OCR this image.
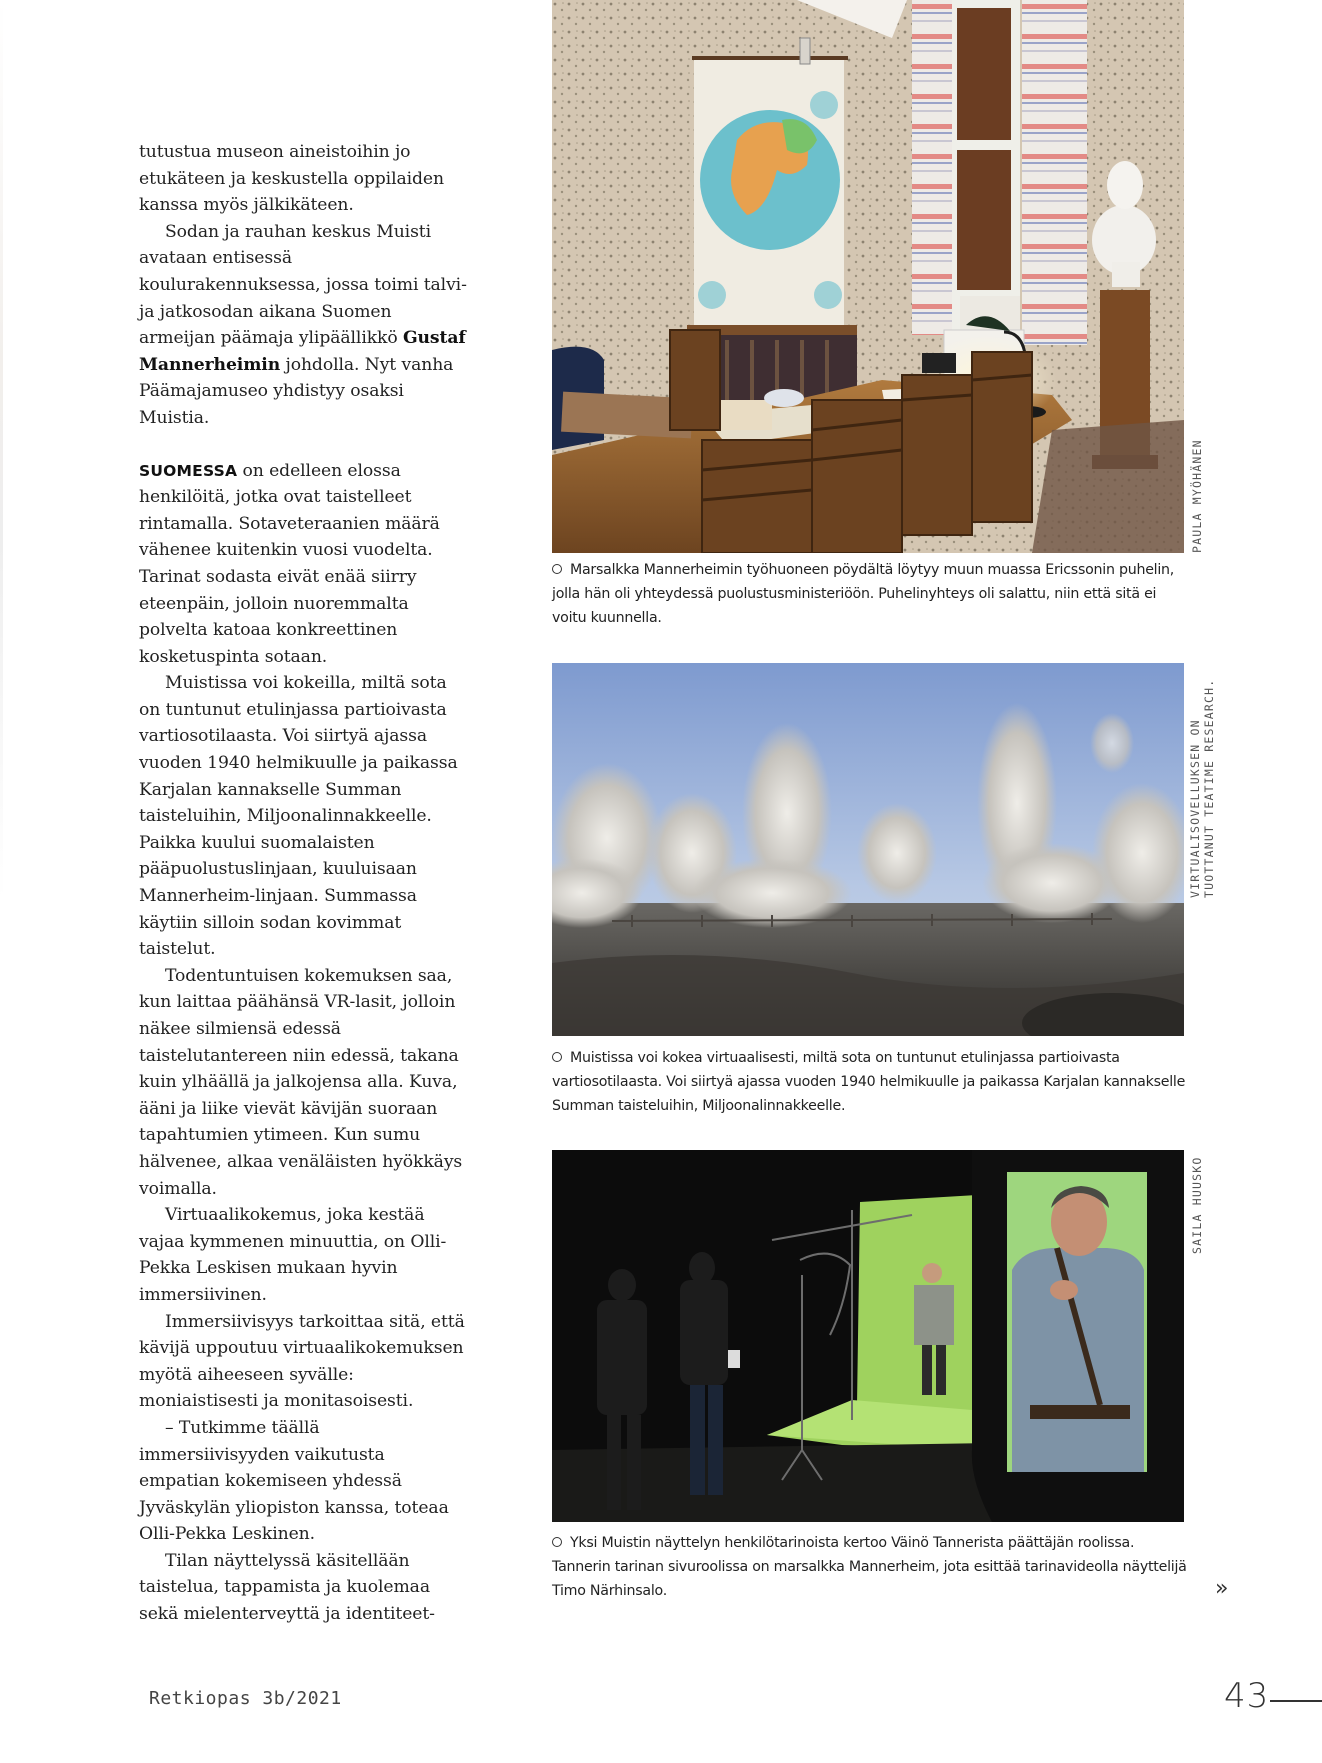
tutustua museon aineistoihin jo etukäteen ja keskustella oppilaiden kanssa myös jälkikäteen.

Sodan ja rauhan keskus Muisti avataan entisessä koulurakennuksessa, jossa toimi talvi- ja jatkosodan aikana Suomen armeijan päämaja ylipäällikkö Gustaf Mannerheimin johdolla. Nyt vanha Päämajamuseo yhdistyy osaksi Muistia.

SUOMESSA on edelleen elossa henkilöitä, jotka ovat taistelleet rintamalla. Sotaveteraanien määrä vähenee kuitenkin vuosi vuodelta. Tarinat sodasta eivät enää siirry eteenpäin, jolloin nuoremmalta polvelta katoaa konkreettinen kosketuspinta sotaan.

Muistissa voi kokeilla, miltä sota on tuntunut etulinjassa partioivasta vartiosotilaasta. Voi siirtyä ajassa vuoden 1940 helmikuulle ja paikassa Karjalan kannakselle Summan taisteluihin, Miljoonalinnakkeelle. Paikka kuului suomalaisten pääpuolustuslinjaan, kuuluisaan Mannerheim-linjaan. Summassa käytiin silloin sodan kovimmat taistelut.

Todentuntuisen kokemuksen saa, kun laittaa päähänsä VR-lasit, jolloin näkee silmiensä edessä taistelutantereen niin edessä, takana kuin ylhäällä ja jalkojensa alla. Kuva, ääni ja liike vievät kävijän suoraan tapahtumien ytimeen. Kun sumu hälvenee, alkaa venäläisten hyökkäys voimalla.

Virtuaalikokemus, joka kestää vajaa kymmenen minuuttia, on Olli-Pekka Leskisen mukaan hyvin immersiivinen.

Immersiivisyys tarkoittaa sitä, että kävijä uppoutuu virtuaalikokemuksen myötä aiheeseen syvälle: moniaistisesti ja monitasoisesti.

– Tutkimme täällä immersiivisyyden vaikutusta empatian kokemiseen yhdessä Jyväskylän yliopiston kanssa, toteaa Olli-Pekka Leskinen.

Tilan näyttelyssä käsitellään taistelua, tappamista ja kuolemaa sekä mielenterveyttä ja identiteet-

PAULA MYÖHÄNEN
Marsalkka Mannerheimin työhuoneen pöydältä löytyy muun muassa Ericssonin puhelin, jolla hän oli yhteydessä puolustusministeriöön. Puhelinyhteys oli salattu, niin että sitä ei voitu kuunnella.
VIRTUALISOVELLUKSEN ON TUOTTANUT TEATIME RESEARCH.
Muistissa voi kokea virtuaalisesti, miltä sota on tuntunut etulinjassa partioivasta vartiosotilaasta. Voi siirtyä ajassa vuoden 1940 helmikuulle ja paikassa Karjalan kannakselle Summan taisteluihin, Miljoonalinnakkeelle.
SAILA HUUSKO
Yksi Muistin näyttelyn henkilötarinoista kertoo Väinö Tannerista päättäjän roolissa. Tannerin tarinan sivuroolissa on marsalkka Mannerheim, jota esittää tarinavideolla näyttelijä Timo Närhinsalo.	»
Retkiopas 3b/2021	43
